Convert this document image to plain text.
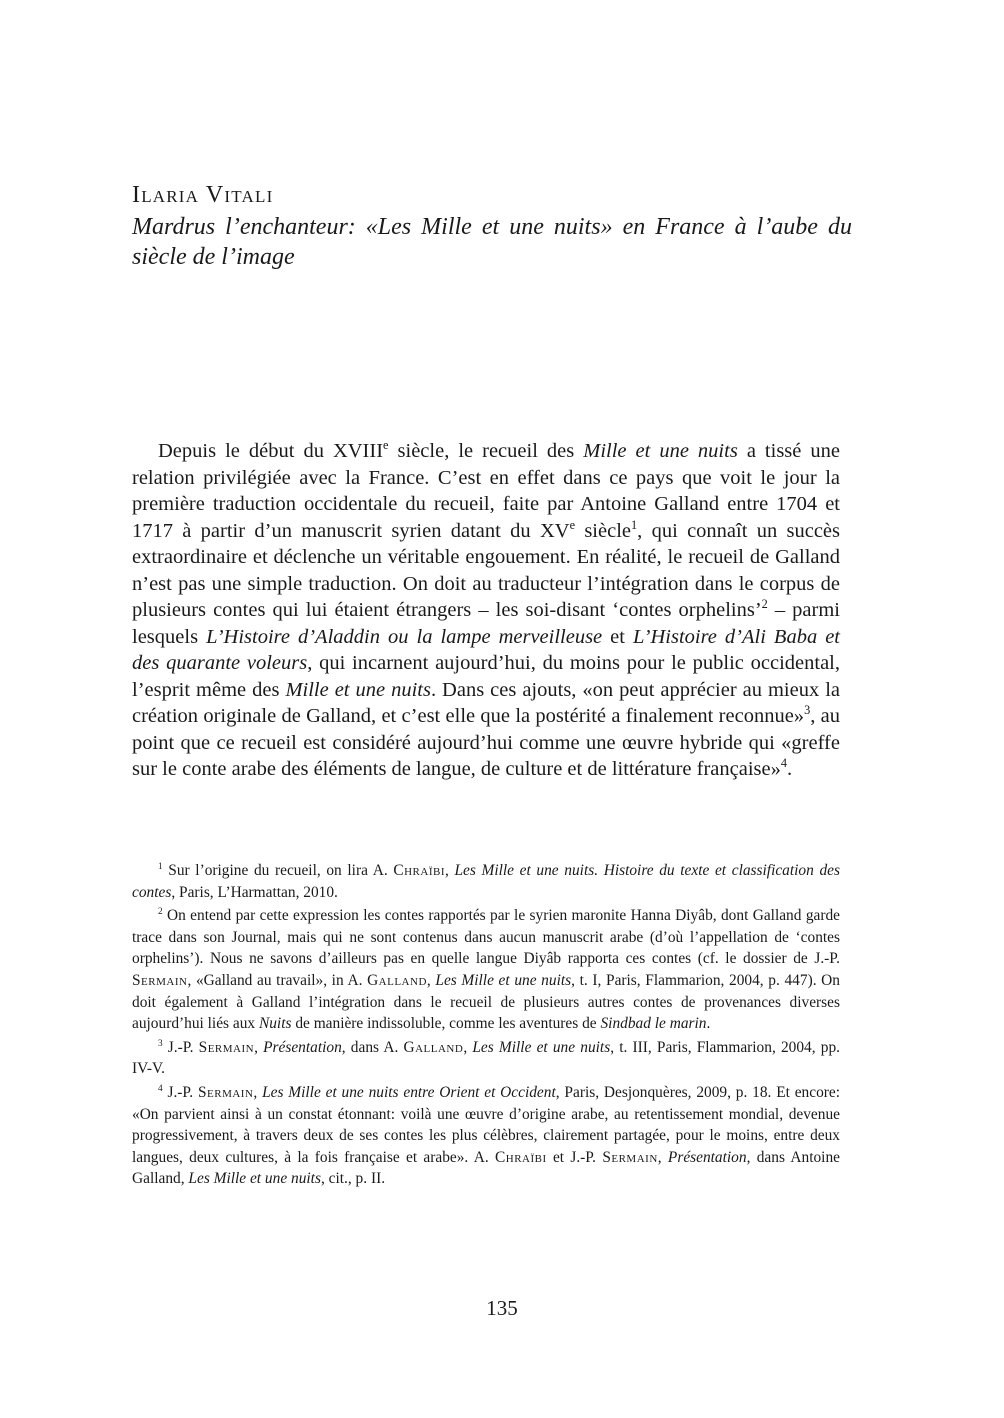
Ilaria Vitali
Mardrus l’enchanteur: «Les Mille et une nuits» en France à l’aube du siècle de l’image

Depuis le début du XVIIIe siècle, le recueil des Mille et une nuits a tissé une relation privilégiée avec la France. C’est en effet dans ce pays que voit le jour la première traduction occidentale du recueil, faite par Antoine Galland entre 1704 et 1717 à partir d’un manuscrit syrien datant du XVe siècle$^1$, qui connaît un succès extraordinaire et déclenche un véritable engouement. En réalité, le recueil de Galland n’est pas une simple traduction. On doit au traducteur l’intégration dans le corpus de plusieurs contes qui lui étaient étrangers – les soi-disant ‘contes orphelins’$^2$ – parmi lesquels L’Histoire d’Aladdin ou la lampe merveilleuse et L’Histoire d’Ali Baba et des quarante voleurs, qui incarnent aujourd’hui, du moins pour le public occidental, l’esprit même des Mille et une nuits. Dans ces ajouts, «on peut apprécier au mieux la création originale de Galland, et c’est elle que la postérité a finalement reconnue»$^3$, au point que ce recueil est considéré aujourd’hui comme une œuvre hybride qui «greffe sur le conte arabe des éléments de langue, de culture et de littérature française»$^4$.

$^1$ Sur l’origine du recueil, on lira A. Chraïbi, Les Mille et une nuits. Histoire du texte et classification des contes, Paris, L’Harmattan, 2010.

$^2$ On entend par cette expression les contes rapportés par le syrien maronite Hanna Diyâb, dont Galland garde trace dans son Journal, mais qui ne sont contenus dans aucun manuscrit arabe (d’où l’appellation de ‘contes orphelins’). Nous ne savons d’ailleurs pas en quelle langue Diyâb rapporta ces contes (cf. le dossier de J.-P. Sermain, «Galland au travail», in A. Galland, Les Mille et une nuits, t. I, Paris, Flammarion, 2004, p. 447). On doit également à Galland l’intégration dans le recueil de plusieurs autres contes de provenances diverses aujourd’hui liés aux Nuits de manière indissoluble, comme les aventures de Sindbad le marin.

$^3$ J.-P. Sermain, Présentation, dans A. Galland, Les Mille et une nuits, t. III, Paris, Flammarion, 2004, pp. IV-V.

$^4$ J.-P. Sermain, Les Mille et une nuits entre Orient et Occident, Paris, Desjonquères, 2009, p. 18. Et encore: «On parvient ainsi à un constat étonnant: voilà une œuvre d’origine arabe, au retentissement mondial, devenue progressivement, à travers deux de ses contes les plus célèbres, clairement partagée, pour le moins, entre deux langues, deux cultures, à la fois française et arabe». A. Chraïbi et J.-P. Sermain, Présentation, dans Antoine Galland, Les Mille et une nuits, cit., p. II.

135
